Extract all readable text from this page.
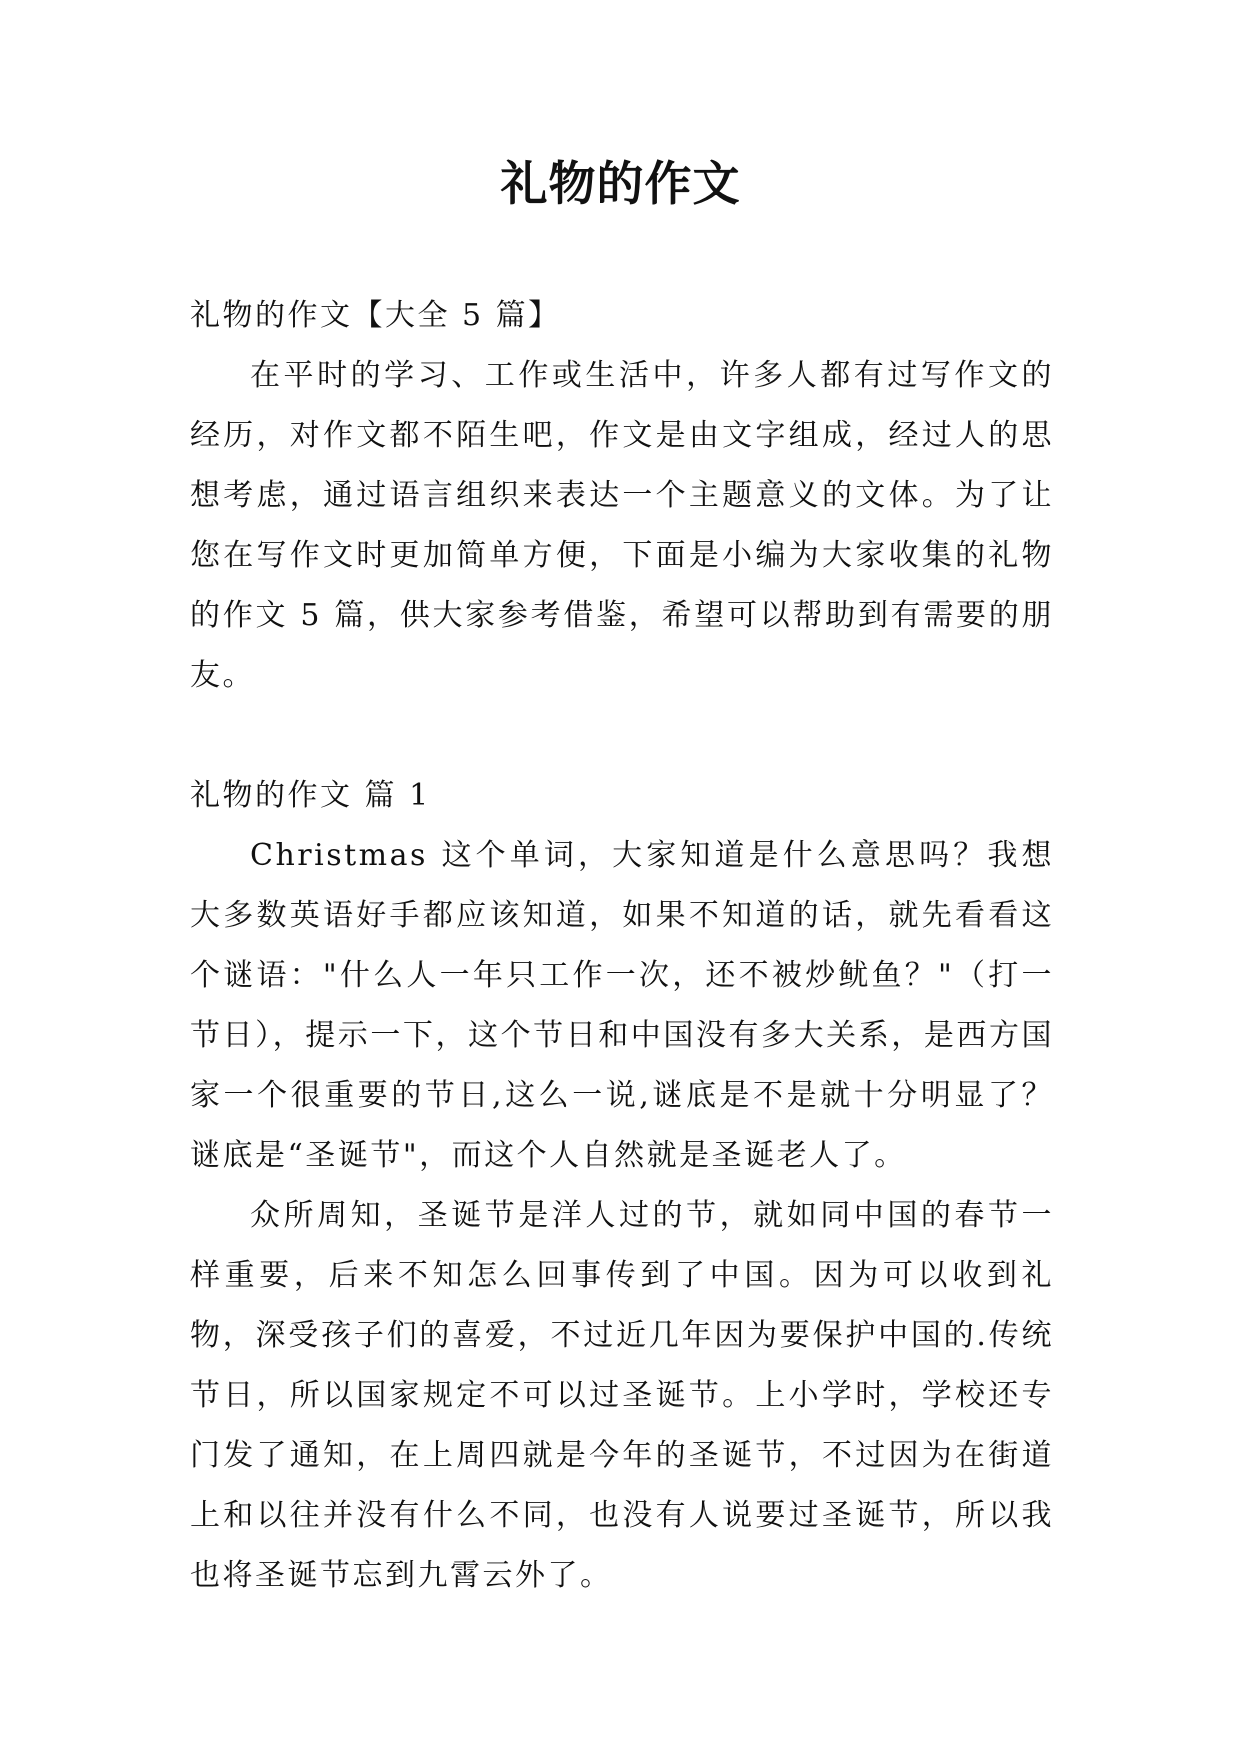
礼物的作文
礼物的作文【大全 5 篇】

在平时的学习、工作或生活中，许多人都有过写作文的经历，对作文都不陌生吧，作文是由文字组成，经过人的思想考虑，通过语言组织来表达一个主题意义的文体。为了让您在写作文时更加简单方便，下面是小编为大家收集的礼物的作文 5 篇，供大家参考借鉴，希望可以帮助到有需要的朋友。

礼物的作文 篇 1

Christmas 这个单词，大家知道是什么意思吗？我想大多数英语好手都应该知道，如果不知道的话，就先看看这个谜语："什么人一年只工作一次，还不被炒鱿鱼？"（打一节日），提示一下，这个节日和中国没有多大关系，是西方国家一个很重要的节日,这么一说,谜底是不是就十分明显了？谜底是“圣诞节"，而这个人自然就是圣诞老人了。

众所周知，圣诞节是洋人过的节，就如同中国的春节一样重要，后来不知怎么回事传到了中国。因为可以收到礼物，深受孩子们的喜爱，不过近几年因为要保护中国的.传统节日，所以国家规定不可以过圣诞节。上小学时，学校还专门发了通知，在上周四就是今年的圣诞节，不过因为在街道上和以往并没有什么不同，也没有人说要过圣诞节，所以我也将圣诞节忘到九霄云外了。
